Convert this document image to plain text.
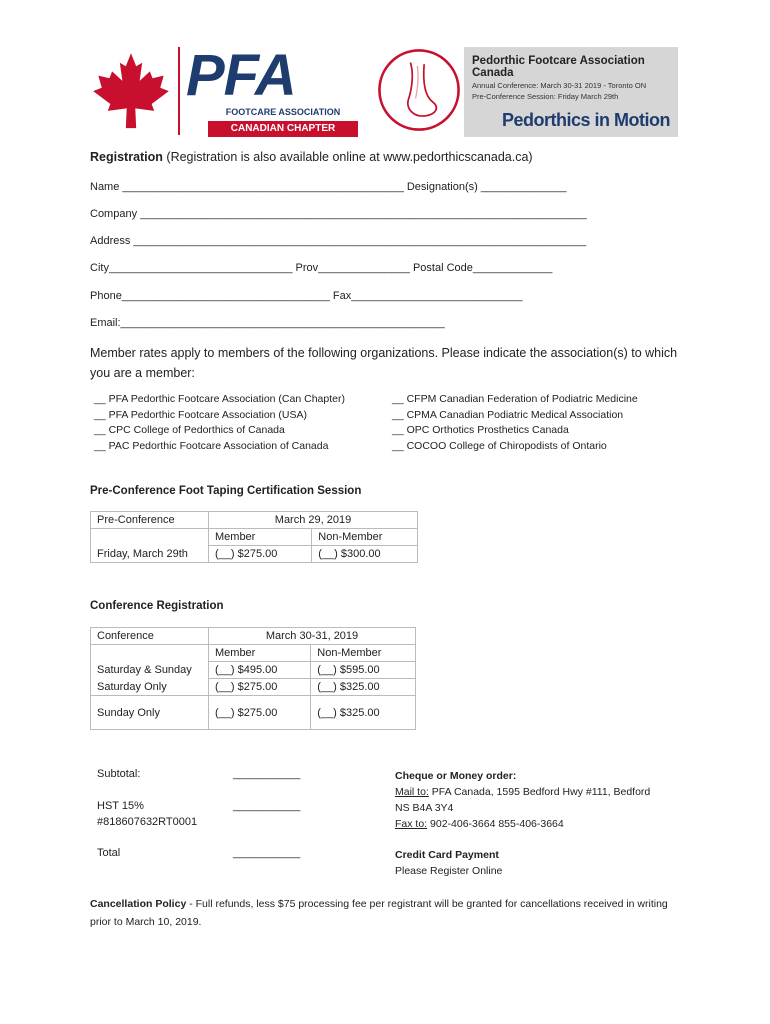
PFA
FOOTCARE ASSOCIATION
CANADIAN CHAPTER
Pedorthic Footcare Association Canada
Annual Conference: March 30-31 2019 - Toronto ON
Pre-Conference Session: Friday March 29th
Pedorthics in Motion
Registration (Registration is also available online at www.pedorthicscanada.ca)
Name ______________________________________________ Designation(s) ______________
Company _________________________________________________________________________
Address __________________________________________________________________________
City______________________________ Prov_______________ Postal Code_____________
Phone__________________________________ Fax____________________________
Email:_____________________________________________________
Member rates apply to members of the following organizations. Please indicate the association(s) to which you are a member:
__ PFA Pedorthic Footcare Association (Can Chapter)
__ PFA Pedorthic Footcare Association (USA)
__ CPC College of Pedorthics of Canada
__ PAC Pedorthic Footcare Association of Canada
__ CFPM Canadian Federation of Podiatric Medicine
__ CPMA Canadian Podiatric Medical Association
__ OPC Orthotics Prosthetics Canada
__ COCOO College of Chiropodists of Ontario
Pre-Conference Foot Taping Certification Session
Pre-Conference	March 29, 2019	
	Member	Non-Member
Friday, March 29th	(__) $275.00	(__) $300.00
Conference Registration
Conference	March 30-31, 2019	
	Member	Non-Member
Saturday & Sunday	(__) $495.00	(__) $595.00
Saturday Only	(__) $275.00	(__) $325.00
Sunday Only	(__) $275.00	(__) $325.00
Subtotal:	___________
HST 15%
#818607632RT0001
___________
Total	___________
Cheque or Money order:
Mail to: PFA Canada, 1595 Bedford Hwy #111, Bedford
NS B4A 3Y4
Fax to: 902-406-3664 855-406-3664
Credit Card Payment
Please Register Online
Cancellation Policy - Full refunds, less $75 processing fee per registrant will be granted for cancellations received in writing prior to March 10, 2019.
